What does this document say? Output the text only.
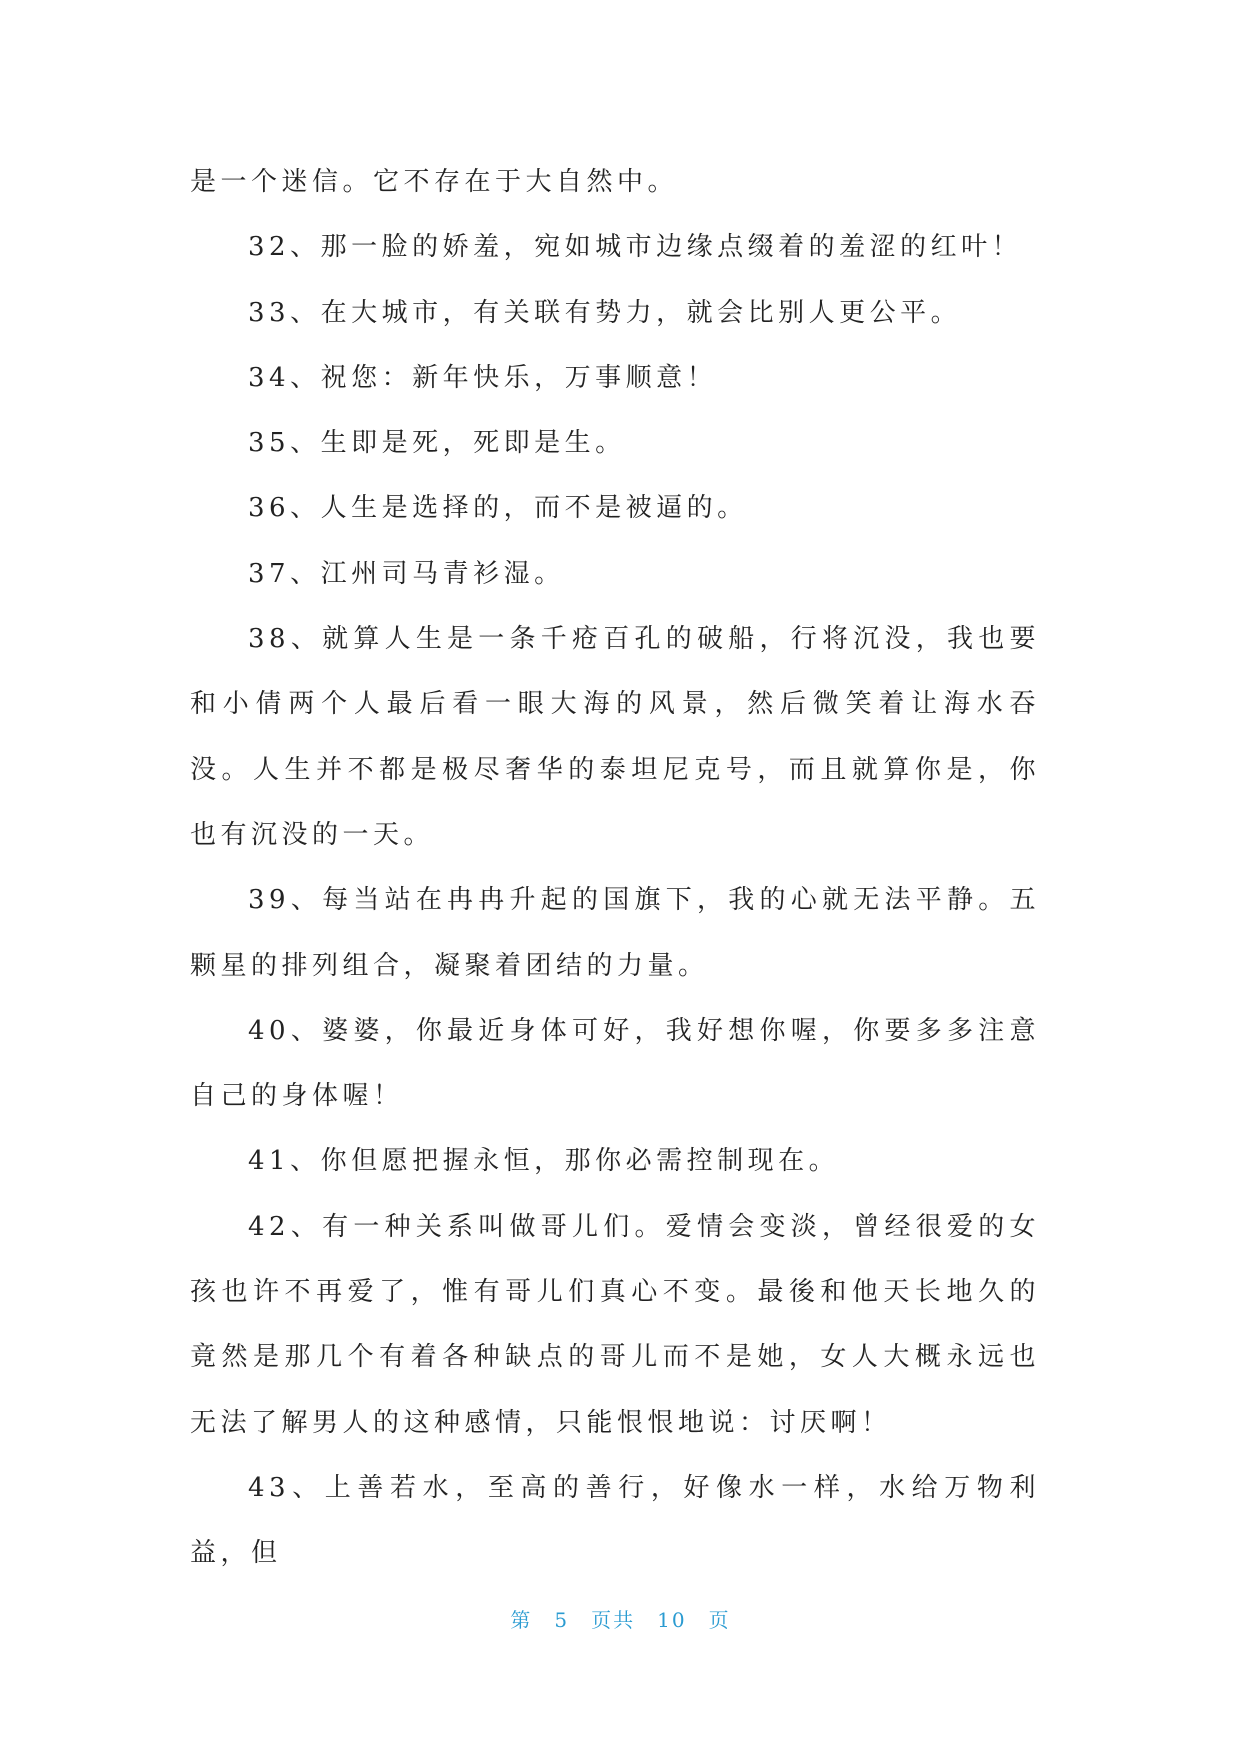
是一个迷信。它不存在于大自然中。

32、那一脸的娇羞，宛如城市边缘点缀着的羞涩的红叶！

33、在大城市，有关联有势力，就会比别人更公平。

34、祝您：新年快乐，万事顺意！

35、生即是死，死即是生。

36、人生是选择的，而不是被逼的。

37、江州司马青衫湿。

38、就算人生是一条千疮百孔的破船，行将沉没，我也要和小倩两个人最后看一眼大海的风景，然后微笑着让海水吞没。人生并不都是极尽奢华的泰坦尼克号，而且就算你是，你也有沉没的一天。

39、每当站在冉冉升起的国旗下，我的心就无法平静。五颗星的排列组合，凝聚着团结的力量。

40、婆婆，你最近身体可好，我好想你喔，你要多多注意自己的身体喔！

41、你但愿把握永恒，那你必需控制现在。

42、有一种关系叫做哥儿们。爱情会变淡，曾经很爱的女孩也许不再爱了，惟有哥儿们真心不变。最後和他天长地久的竟然是那几个有着各种缺点的哥儿而不是她，女人大概永远也无法了解男人的这种感情，只能恨恨地说：讨厌啊！

43、上善若水，至高的善行，好像水一样，水给万物利益，但

第 5 页共 10 页
